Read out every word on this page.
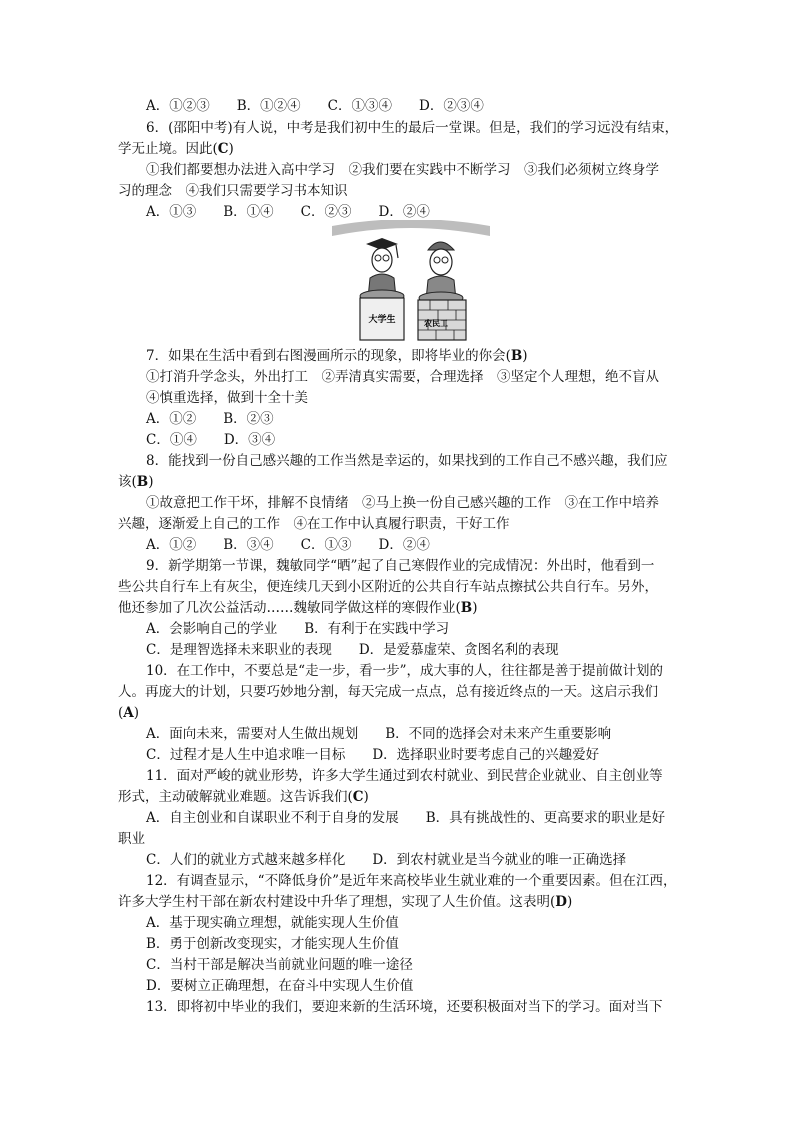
A．①②③　　B．①②④　　C．①③④　　D．②③④
6．(邵阳中考)有人说，中考是我们初中生的最后一堂课。但是，我们的学习远没有结束，
学无止境。因此(C)
①我们都要想办法进入高中学习　②我们要在实践中不断学习　③我们必须树立终身学
习的理念　④我们只需要学习书本知识
A．①③　　B．①④　　C．②③　　D．②④
大学生	农民工
7．如果在生活中看到右图漫画所示的现象，即将毕业的你会(B)
①打消升学念头，外出打工　②弄清真实需要，合理选择　③坚定个人理想，绝不盲从
④慎重选择，做到十全十美
A．①②　　B．②③
C．①④　　D．③④
8．能找到一份自己感兴趣的工作当然是幸运的，如果找到的工作自己不感兴趣，我们应
该(B)
①故意把工作干坏，排解不良情绪　②马上换一份自己感兴趣的工作　③在工作中培养
兴趣，逐渐爱上自己的工作　④在工作中认真履行职责，干好工作
A．①②　　B．③④　　C．①③　　D．②④
9．新学期第一节课，魏敏同学“晒”起了自己寒假作业的完成情况：外出时，他看到一
些公共自行车上有灰尘，便连续几天到小区附近的公共自行车站点擦拭公共自行车。另外，
他还参加了几次公益活动……魏敏同学做这样的寒假作业(B)
A．会影响自己的学业　　B．有利于在实践中学习
C．是理智选择未来职业的表现　　D．是爱慕虚荣、贪图名利的表现
10．在工作中，不要总是“走一步，看一步”，成大事的人，往往都是善于提前做计划的
人。再庞大的计划，只要巧妙地分割，每天完成一点点，总有接近终点的一天。这启示我们
(A)
A．面向未来，需要对人生做出规划　　B．不同的选择会对未来产生重要影响
C．过程才是人生中追求唯一目标　　D．选择职业时要考虑自己的兴趣爱好
11．面对严峻的就业形势，许多大学生通过到农村就业、到民营企业就业、自主创业等
形式，主动破解就业难题。这告诉我们(C)
A．自主创业和自谋职业不利于自身的发展　　B．具有挑战性的、更高要求的职业是好
职业
C．人们的就业方式越来越多样化　　D．到农村就业是当今就业的唯一正确选择
12．有调查显示，“不降低身价”是近年来高校毕业生就业难的一个重要因素。但在江西，
许多大学生村干部在新农村建设中升华了理想，实现了人生价值。这表明(D)
A．基于现实确立理想，就能实现人生价值
B．勇于创新改变现实，才能实现人生价值
C．当村干部是解决当前就业问题的唯一途径
D．要树立正确理想，在奋斗中实现人生价值
13．即将初中毕业的我们，要迎来新的生活环境，还要积极面对当下的学习。面对当下
